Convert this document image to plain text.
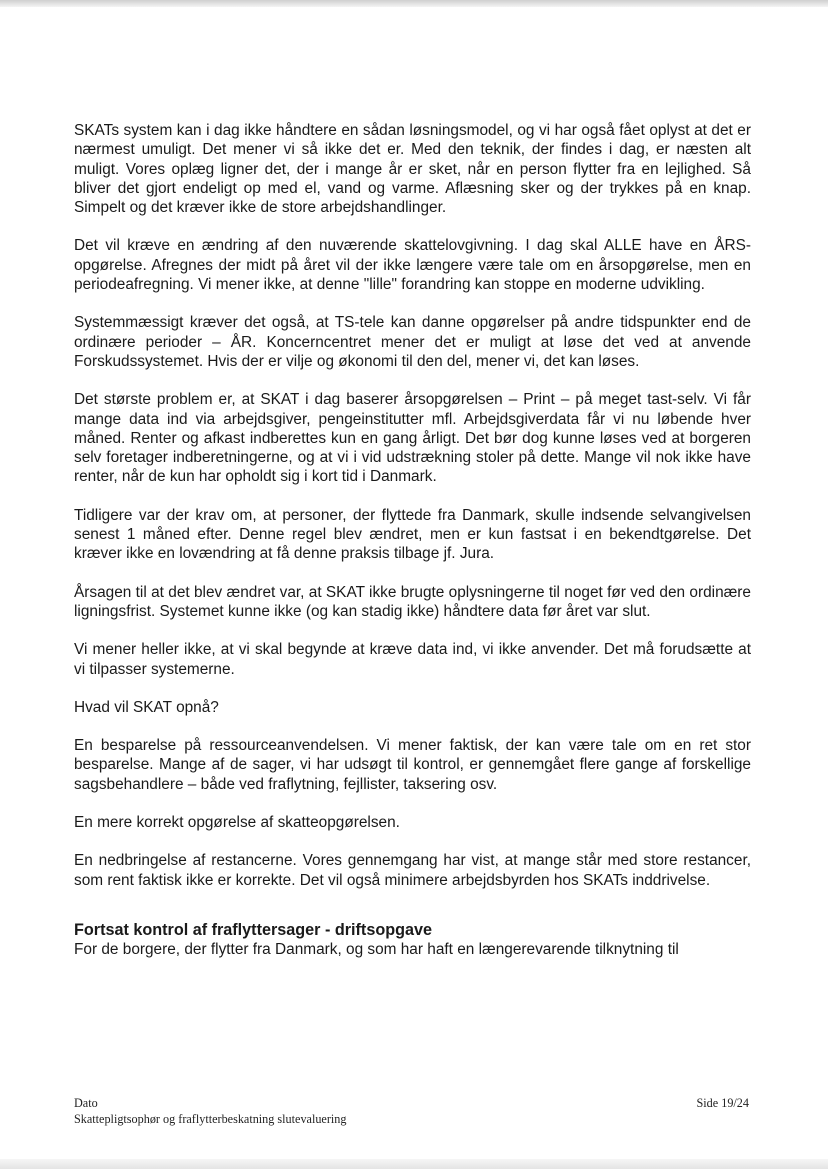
SKATs system kan i dag ikke håndtere en sådan løsningsmodel, og vi har også fået oplyst at det er nærmest umuligt. Det mener vi så ikke det er. Med den teknik, der findes i dag, er næsten alt muligt. Vores oplæg ligner det, der i mange år er sket, når en person flytter fra en lejlighed. Så bliver det gjort endeligt op med el, vand og varme. Aflæsning sker og der trykkes på en knap. Simpelt og det kræver ikke de store arbejdshandlinger.

Det vil kræve en ændring af den nuværende skattelovgivning. I dag skal ALLE have en ÅRS-opgørelse. Afregnes der midt på året vil der ikke længere være tale om en årsopgørelse, men en periodeafregning. Vi mener ikke, at denne "lille" forandring kan stoppe en moderne udvikling.

Systemmæssigt kræver det også, at TS-tele kan danne opgørelser på andre tidspunkter end de ordinære perioder – ÅR. Koncerncentret mener det er muligt at løse det ved at anvende Forskudssystemet. Hvis der er vilje og økonomi til den del, mener vi, det kan løses.

Det største problem er, at SKAT i dag baserer årsopgørelsen – Print – på meget tast-selv. Vi får mange data ind via arbejdsgiver, pengeinstitutter mfl. Arbejdsgiverdata får vi nu løbende hver måned. Renter og afkast indberettes kun en gang årligt. Det bør dog kunne løses ved at borgeren selv foretager indberetningerne, og at vi i vid udstrækning stoler på dette. Mange vil nok ikke have renter, når de kun har opholdt sig i kort tid i Danmark.

Tidligere var der krav om, at personer, der flyttede fra Danmark, skulle indsende selvangivelsen senest 1 måned efter. Denne regel blev ændret, men er kun fastsat i en bekendtgørelse. Det kræver ikke en lovændring at få denne praksis tilbage jf. Jura.

Årsagen til at det blev ændret var, at SKAT ikke brugte oplysningerne til noget før ved den ordinære ligningsfrist. Systemet kunne ikke (og kan stadig ikke) håndtere data før året var slut.

Vi mener heller ikke, at vi skal begynde at kræve data ind, vi ikke anvender. Det må forudsætte at vi tilpasser systemerne.

Hvad vil SKAT opnå?

En besparelse på ressourceanvendelsen. Vi mener faktisk, der kan være tale om en ret stor besparelse. Mange af de sager, vi har udsøgt til kontrol, er gennemgået flere gange af forskellige sagsbehandlere – både ved fraflytning, fejllister, taksering osv.

En mere korrekt opgørelse af skatteopgørelsen.

En nedbringelse af restancerne. Vores gennemgang har vist, at mange står med store restancer, som rent faktisk ikke er korrekte. Det vil også minimere arbejdsbyrden hos SKATs inddrivelse.

Fortsat kontrol af fraflyttersager - driftsopgave

For de borgere, der flytter fra Danmark, og som har haft en længerevarende tilknytning til

Dato
Skattepligtsophør og fraflytterbeskatning slutevaluering
Side 19/24
